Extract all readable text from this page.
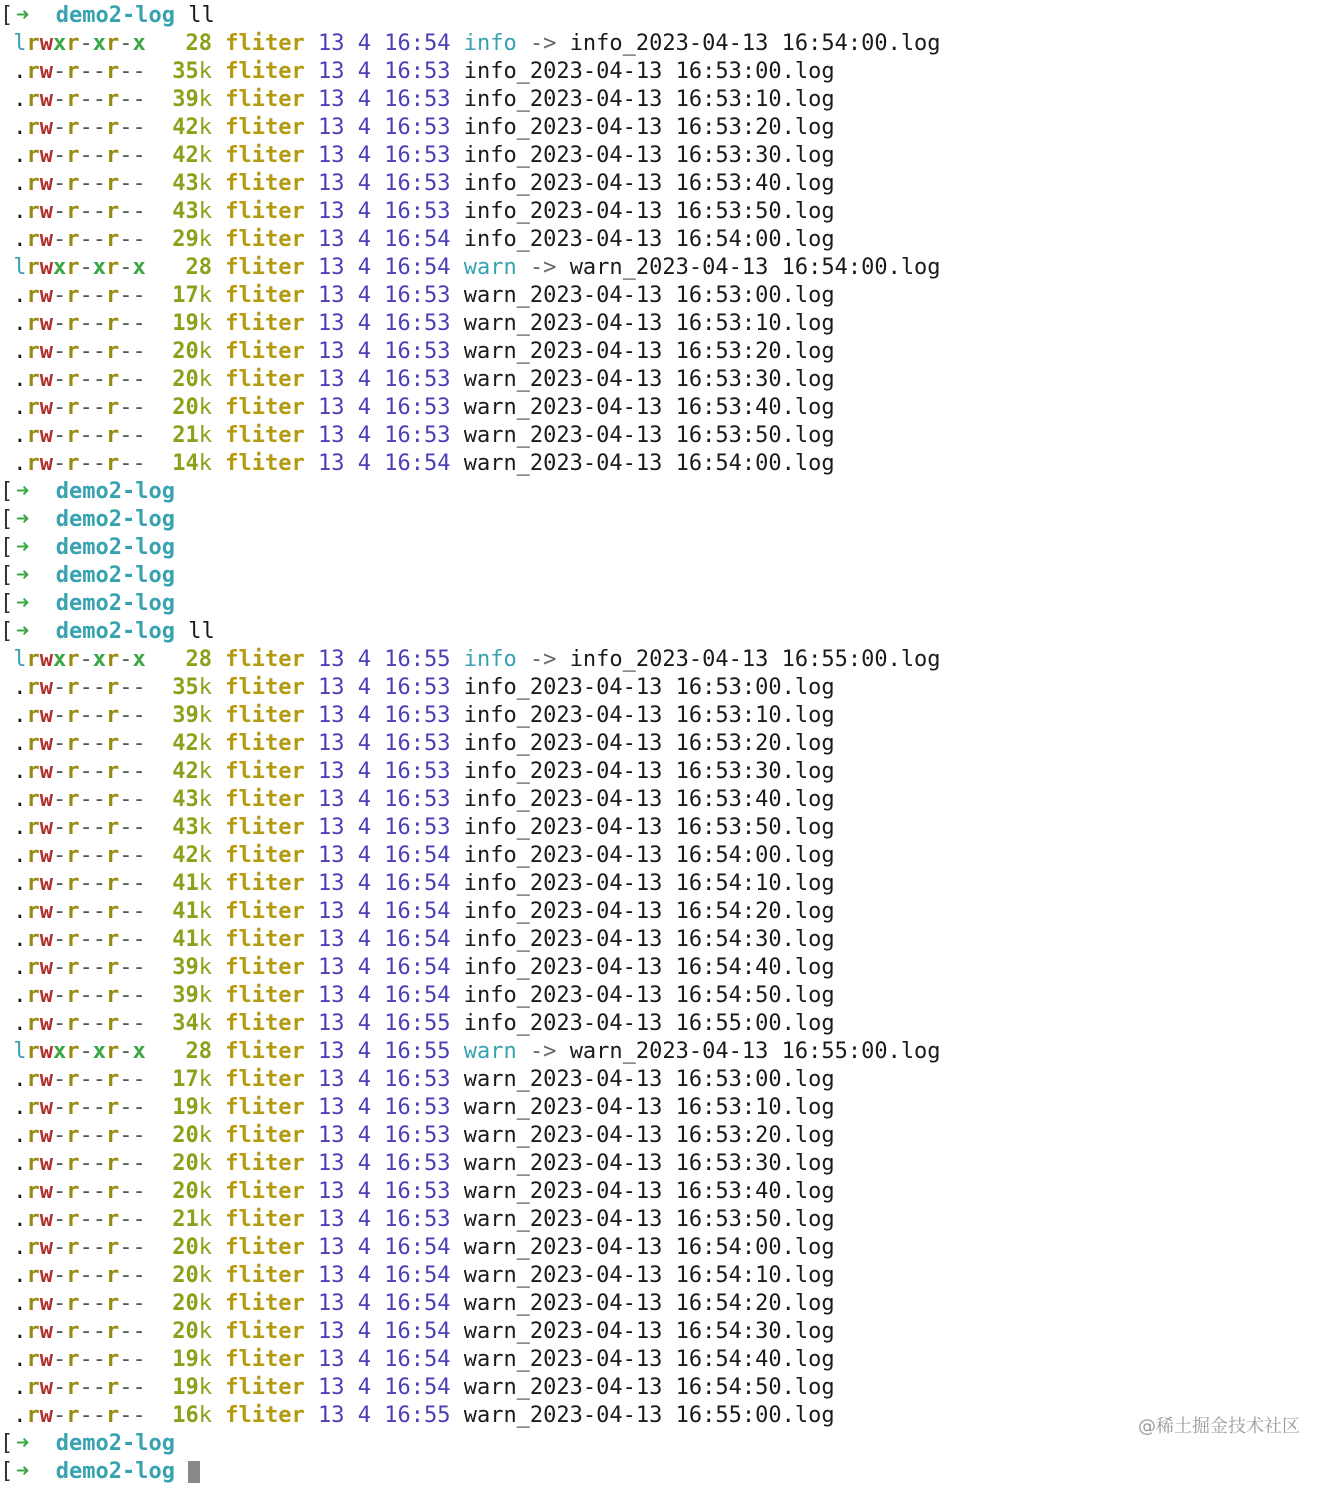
[ ➜ demo2-log ll
lrwxr-xr-x 28 fliter 13 4 16:54 info -> info_2023-04-13 16:54:00.log
.rw-r--r-- 35k fliter 13 4 16:53 info_2023-04-13 16:53:00.log
.rw-r--r-- 39k fliter 13 4 16:53 info_2023-04-13 16:53:10.log
.rw-r--r-- 42k fliter 13 4 16:53 info_2023-04-13 16:53:20.log
.rw-r--r-- 42k fliter 13 4 16:53 info_2023-04-13 16:53:30.log
.rw-r--r-- 43k fliter 13 4 16:53 info_2023-04-13 16:53:40.log
.rw-r--r-- 43k fliter 13 4 16:53 info_2023-04-13 16:53:50.log
.rw-r--r-- 29k fliter 13 4 16:54 info_2023-04-13 16:54:00.log
lrwxr-xr-x 28 fliter 13 4 16:54 warn -> warn_2023-04-13 16:54:00.log
.rw-r--r-- 17k fliter 13 4 16:53 warn_2023-04-13 16:53:00.log
.rw-r--r-- 19k fliter 13 4 16:53 warn_2023-04-13 16:53:10.log
.rw-r--r-- 20k fliter 13 4 16:53 warn_2023-04-13 16:53:20.log
.rw-r--r-- 20k fliter 13 4 16:53 warn_2023-04-13 16:53:30.log
.rw-r--r-- 20k fliter 13 4 16:53 warn_2023-04-13 16:53:40.log
.rw-r--r-- 21k fliter 13 4 16:53 warn_2023-04-13 16:53:50.log
.rw-r--r-- 14k fliter 13 4 16:54 warn_2023-04-13 16:54:00.log
[ ➜ demo2-log
[ ➜ demo2-log
[ ➜ demo2-log
[ ➜ demo2-log
[ ➜ demo2-log
[ ➜ demo2-log ll
lrwxr-xr-x 28 fliter 13 4 16:55 info -> info_2023-04-13 16:55:00.log
.rw-r--r-- 35k fliter 13 4 16:53 info_2023-04-13 16:53:00.log
.rw-r--r-- 39k fliter 13 4 16:53 info_2023-04-13 16:53:10.log
.rw-r--r-- 42k fliter 13 4 16:53 info_2023-04-13 16:53:20.log
.rw-r--r-- 42k fliter 13 4 16:53 info_2023-04-13 16:53:30.log
.rw-r--r-- 43k fliter 13 4 16:53 info_2023-04-13 16:53:40.log
.rw-r--r-- 43k fliter 13 4 16:53 info_2023-04-13 16:53:50.log
.rw-r--r-- 42k fliter 13 4 16:54 info_2023-04-13 16:54:00.log
.rw-r--r-- 41k fliter 13 4 16:54 info_2023-04-13 16:54:10.log
.rw-r--r-- 41k fliter 13 4 16:54 info_2023-04-13 16:54:20.log
.rw-r--r-- 41k fliter 13 4 16:54 info_2023-04-13 16:54:30.log
.rw-r--r-- 39k fliter 13 4 16:54 info_2023-04-13 16:54:40.log
.rw-r--r-- 39k fliter 13 4 16:54 info_2023-04-13 16:54:50.log
.rw-r--r-- 34k fliter 13 4 16:55 info_2023-04-13 16:55:00.log
lrwxr-xr-x 28 fliter 13 4 16:55 warn -> warn_2023-04-13 16:55:00.log
.rw-r--r-- 17k fliter 13 4 16:53 warn_2023-04-13 16:53:00.log
.rw-r--r-- 19k fliter 13 4 16:53 warn_2023-04-13 16:53:10.log
.rw-r--r-- 20k fliter 13 4 16:53 warn_2023-04-13 16:53:20.log
.rw-r--r-- 20k fliter 13 4 16:53 warn_2023-04-13 16:53:30.log
.rw-r--r-- 20k fliter 13 4 16:53 warn_2023-04-13 16:53:40.log
.rw-r--r-- 21k fliter 13 4 16:53 warn_2023-04-13 16:53:50.log
.rw-r--r-- 20k fliter 13 4 16:54 warn_2023-04-13 16:54:00.log
.rw-r--r-- 20k fliter 13 4 16:54 warn_2023-04-13 16:54:10.log
.rw-r--r-- 20k fliter 13 4 16:54 warn_2023-04-13 16:54:20.log
.rw-r--r-- 20k fliter 13 4 16:54 warn_2023-04-13 16:54:30.log
.rw-r--r-- 19k fliter 13 4 16:54 warn_2023-04-13 16:54:40.log
.rw-r--r-- 19k fliter 13 4 16:54 warn_2023-04-13 16:54:50.log
.rw-r--r-- 16k fliter 13 4 16:55 warn_2023-04-13 16:55:00.log
[ ➜ demo2-log
[ ➜ demo2-log
@稀土掘金技术社区
